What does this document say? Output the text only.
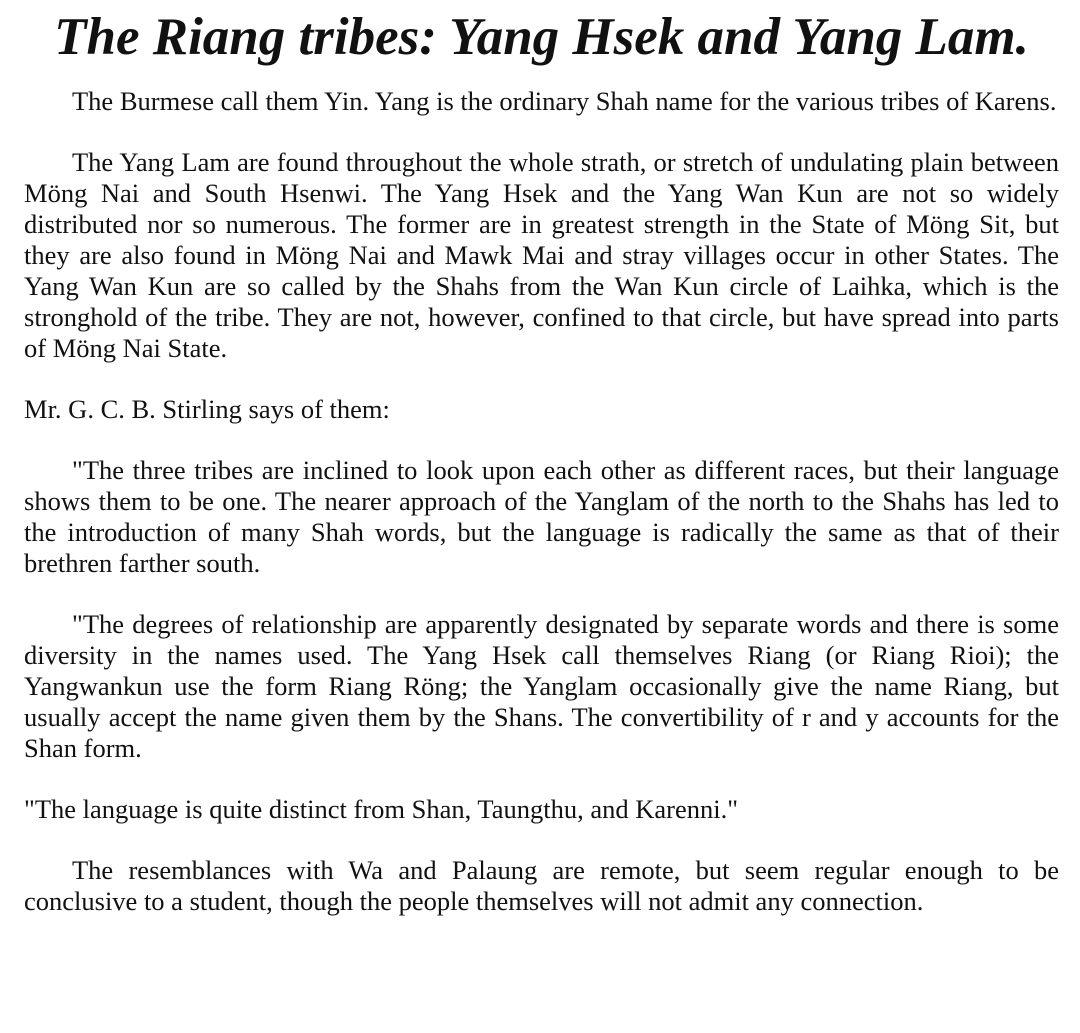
The Riang tribes: Yang Hsek and Yang Lam.

The Burmese call them Yin. Yang is the ordinary Shah name for the various tribes of Karens.

The Yang Lam are found throughout the whole strath, or stretch of undulating plain between Möng Nai and South Hsenwi. The Yang Hsek and the Yang Wan Kun are not so widely distributed nor so numerous. The former are in greatest strength in the State of Möng Sit, but they are also found in Möng Nai and Mawk Mai and stray villages occur in other States. The Yang Wan Kun are so called by the Shahs from the Wan Kun circle of Laihka, which is the stronghold of the tribe. They are not, however, confined to that circle, but have spread into parts of Möng Nai State.

Mr. G. C. B. Stirling says of them:

"The three tribes are inclined to look upon each other as different races, but their language shows them to be one. The nearer approach of the Yanglam of the north to the Shahs has led to the introduction of many Shah words, but the language is radically the same as that of their brethren farther south.

"The degrees of relationship are apparently designated by separate words and there is some diversity in the names used. The Yang Hsek call themselves Riang (or Riang Rioi); the Yangwankun use the form Riang Röng; the Yanglam occasionally give the name Riang, but usually accept the name given them by the Shans. The convertibility of r and y accounts for the Shan form.

"The language is quite distinct from Shan, Taungthu, and Karenni."

The resemblances with Wa and Palaung are remote, but seem regular enough to be conclusive to a student, though the people themselves will not admit any connection.
